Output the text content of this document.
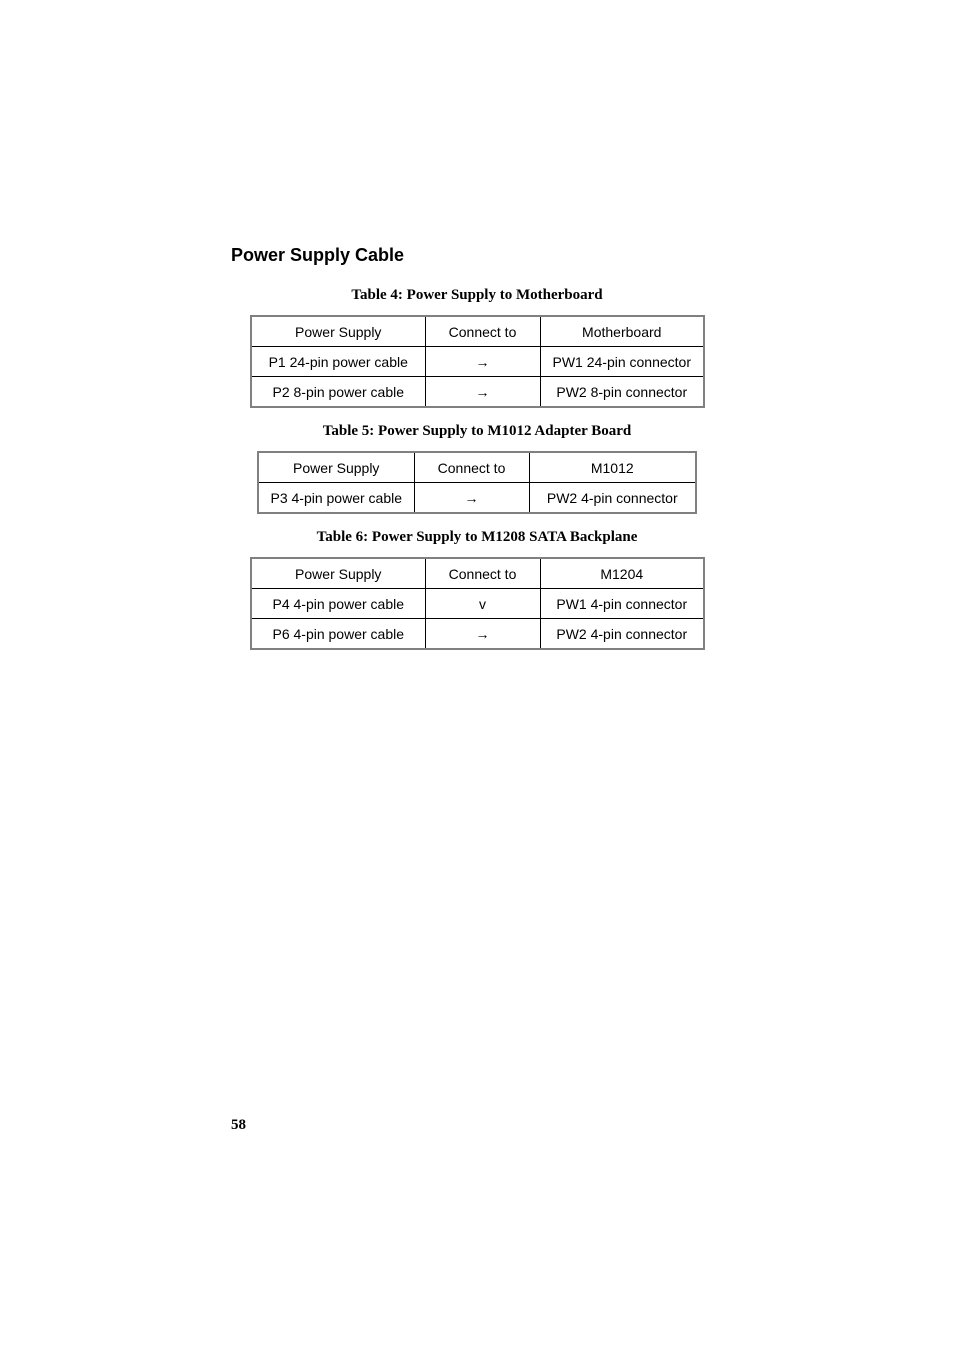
Power Supply Cable
Table 4: Power Supply to Motherboard
Power Supply	Connect to	Motherboard
P1 24-pin power cable	→	PW1 24-pin connector
P2 8-pin power cable	→	PW2 8-pin connector
Table 5: Power Supply to M1012 Adapter Board
Power Supply	Connect to	M1012
P3 4-pin power cable	→	PW2 4-pin connector
Table 6: Power Supply to M1208 SATA Backplane
Power Supply	Connect to	M1204
P4 4-pin power cable	v	PW1 4-pin connector
P6 4-pin power cable	→	PW2 4-pin connector
58
